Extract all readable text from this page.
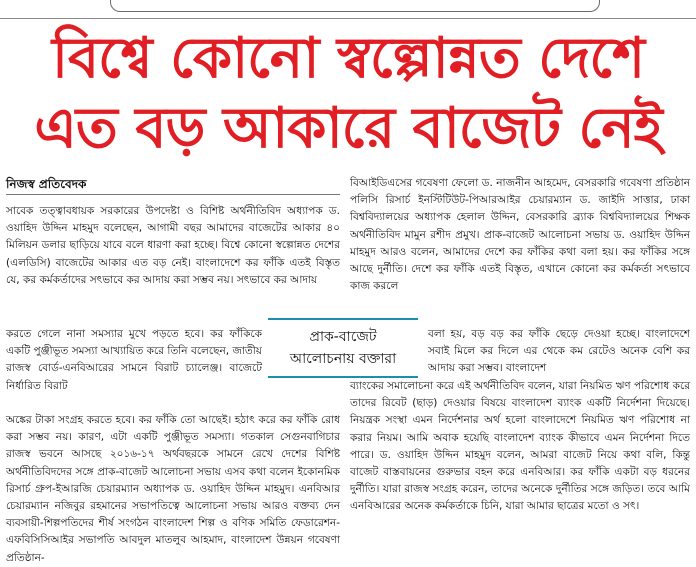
বিশ্বে কোনো স্বল্পোন্নত দেশে
এত বড় আকারে বাজেট নেই
নিজস্ব প্রতিবেদক

সাবেক তত্ত্বাবধায়ক সরকারের উপদেষ্টা ও বিশিষ্ট অর্থনীতিবিদ অধ্যাপক ড. ওয়াহিদ উদ্দিন মাহমুদ বলেছেন, আগামী বছর আমাদের বাজেটের আকার ৪০ মিলিয়ন ডলার ছাড়িয়ে যাবে বলে ধারণা করা হচ্ছে। বিশ্বে কোনো স্বল্পোন্নত দেশের (এলডিসি) বাজেটের আকার এত বড় নেই। বাংলাদেশে কর ফাঁকি এতই বিস্তৃত যে, কর কর্মকর্তাদের সৎভাবে কর আদায় করা সম্ভব নয়। সৎভাবে কর আদায়

করতে গেলে নানা সমস্যার মুখে পড়তে হবে। কর ফাঁকিকে একটি পুঞ্জীভূত সমস্যা আখ্যায়িত করে তিনি বলেছেন, জাতীয় রাজস্ব বোর্ড-এনবিআরের সামনে বিরাট চ্যালেঞ্জ। বাজেটে নির্ধারিত বিরাট

অঙ্কের টাকা সংগ্রহ করতে হবে। কর ফাঁকি তো আছেই। হঠাৎ করে কর ফাঁকি রোধ করা সম্ভব নয়। কারণ, এটা একটি পুঞ্জীভূত সমস্যা। গতকাল সেগুনবাগিচার রাজস্ব ভবনে আসছে ২০১৬-১৭ অর্থবছরকে সামনে রেখে দেশের বিশিষ্ট অর্থনীতিবিদদের সঙ্গে প্রাক-বাজেট আলোচনা সভায় এসব কথা বলেন ইকোনমিক রিসার্চ গ্রুপ-ইআরজি চেয়ারম্যান অধ্যাপক ড. ওয়াহিদ উদ্দিন মাহমুদ। এনবিআর চেয়ারম্যান নজিবুর রহমানের সভাপতিত্বে আলোচনা সভায় আরও বক্তব্য দেন ব্যবসায়ী-শিল্পপতিদের শীর্ষ সংগঠন বাংলাদেশ শিল্প ও বণিক সমিতি ফেডারেশন-এফবিসিসিআইর সভাপতি আবদুল মাতলুব আহমাদ, বাংলাদেশ উন্নয়ন গবেষণা প্রতিষ্ঠান-

বিআইডিএসের গবেষণা ফেলো ড. নাজনীন আহমেদ, বেসরকারি গবেষণা প্রতিষ্ঠান পলিসি রিসার্চ ইনস্টিটিউট-পিআরআইর চেয়ারম্যান ড. জাইদি সাত্তার, ঢাকা বিশ্ববিদ্যালয়ের অধ্যাপক হেলাল উদ্দিন, বেসরকারি ব্র্যাক বিশ্ববিদ্যালয়ের শিক্ষক অর্থনীতিবিদ মামুন রশীদ প্রমুখ। প্রাক-বাজেট আলোচনা সভায় ড. ওয়াহিদ উদ্দিন মাহমুদ আরও বলেন, আমাদের দেশে কর ফাঁকির কথা বলা হয়। কর ফাঁকির সঙ্গে আছে দুর্নীতি। দেশে কর ফাঁকি এতই বিস্তৃত, এখানে কোনো কর কর্মকর্তা সৎভাবে কাজ করলে

বলা হয়, বড় বড় কর ফাঁকি ছেড়ে দেওয়া হচ্ছে। বাংলাদেশে সবাই মিলে কর দিলে এর থেকে কম রেটেও অনেক বেশি কর আদায় করা সম্ভব। বাংলাদেশ

ব্যাংকের সমালোচনা করে এই অর্থনীতিবিদ বলেন, যারা নিয়মিত ঋণ পরিশোধ করে তাদের রিবেট (ছাড়) দেওয়ার বিষয়ে বাংলাদেশ ব্যাংক একটি নির্দেশনা দিয়েছে। নিয়ন্ত্রক সংস্থা এমন নির্দেশনার অর্থ হলো বাংলাদেশে নিয়মিত ঋণ পরিশোধ না করার নিয়ম। আমি অবাক হয়েছি বাংলাদেশ ব্যাংক কীভাবে এমন নির্দেশনা দিতে পারে। ড. ওয়াহিদ উদ্দিন মাহমুদ বলেন, আমরা বাজেট নিয়ে কথা বলি, কিন্তু বাজেট বাস্তবায়নের গুরুভার বহন করে এনবিআর। কর ফাঁকি একটা বড় ধরনের দুর্নীতি। যারা রাজস্ব সংগ্রহ করেন, তাদের অনেকে দুর্নীতির সঙ্গে জড়িত। তবে আমি এনবিআরের অনেক কর্মকর্তাকে চিনি, যারা আমার ছাত্রের মতো ও সৎ।

প্রাক-বাজেট
আলোচনায় বক্তারা
